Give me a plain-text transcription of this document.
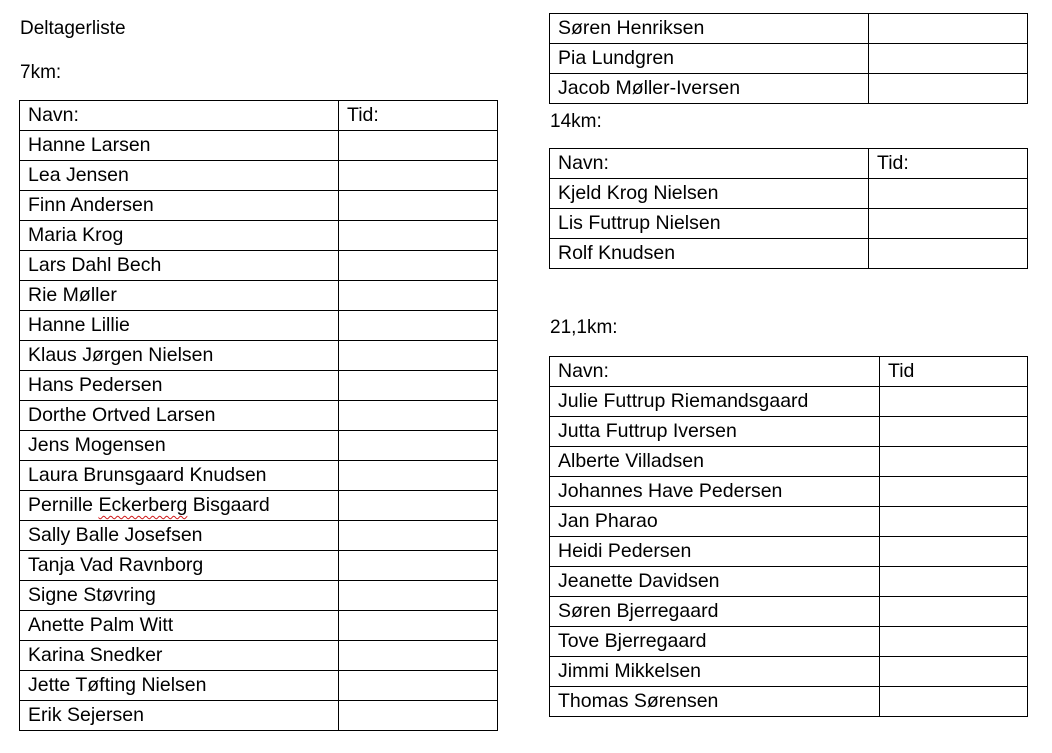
Deltagerliste
7km:
Navn:	Tid:
Hanne Larsen	
Lea Jensen	
Finn Andersen	
Maria Krog	
Lars Dahl Bech	
Rie Møller	
Hanne Lillie	
Klaus Jørgen Nielsen	
Hans Pedersen	
Dorthe Ortved Larsen	
Jens Mogensen	
Laura Brunsgaard Knudsen	
Pernille Eckerberg Bisgaard	
Sally Balle Josefsen	
Tanja Vad Ravnborg	
Signe Støvring	
Anette Palm Witt	
Karina Snedker	
Jette Tøfting Nielsen	
Erik Sejersen	
Søren Henriksen	
Pia Lundgren	
Jacob Møller-Iversen	
14km:
Navn:	Tid:
Kjeld Krog Nielsen	
Lis Futtrup Nielsen	
Rolf Knudsen	
21,1km:
Navn:	Tid
Julie Futtrup Riemandsgaard	
Jutta Futtrup Iversen	
Alberte Villadsen	
Johannes Have Pedersen	
Jan Pharao	
Heidi Pedersen	
Jeanette Davidsen	
Søren Bjerregaard	
Tove Bjerregaard	
Jimmi Mikkelsen	
Thomas Sørensen	
